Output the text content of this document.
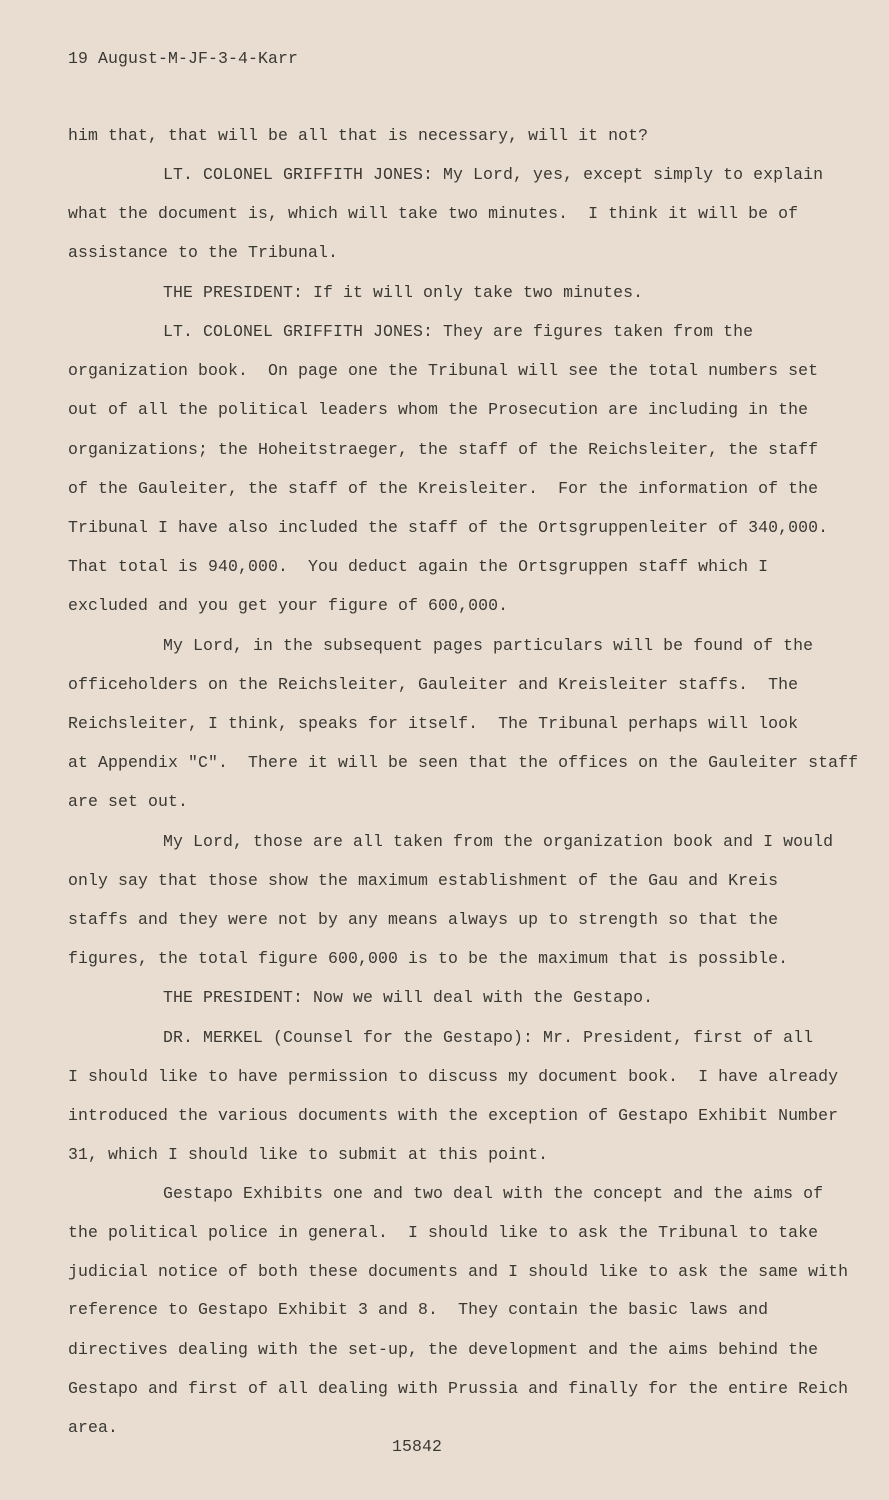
19 August-M-JF-3-4-Karr
him that, that will be all that is necessary, will it not?
LT. COLONEL GRIFFITH JONES: My Lord, yes, except simply to explain
what the document is, which will take two minutes.  I think it will be of
assistance to the Tribunal.
THE PRESIDENT: If it will only take two minutes.
LT. COLONEL GRIFFITH JONES: They are figures taken from the
organization book.  On page one the Tribunal will see the total numbers set
out of all the political leaders whom the Prosecution are including in the
organizations; the Hoheitstraeger, the staff of the Reichsleiter, the staff
of the Gauleiter, the staff of the Kreisleiter.  For the information of the
Tribunal I have also included the staff of the Ortsgruppenleiter of 340,000.
That total is 940,000.  You deduct again the Ortsgruppen staff which I
excluded and you get your figure of 600,000.
My Lord, in the subsequent pages particulars will be found of the
officeholders on the Reichsleiter, Gauleiter and Kreisleiter staffs.  The
Reichsleiter, I think, speaks for itself.  The Tribunal perhaps will look
at Appendix "C".  There it will be seen that the offices on the Gauleiter staff
are set out.
My Lord, those are all taken from the organization book and I would
only say that those show the maximum establishment of the Gau and Kreis
staffs and they were not by any means always up to strength so that the
figures, the total figure 600,000 is to be the maximum that is possible.
THE PRESIDENT: Now we will deal with the Gestapo.
DR. MERKEL (Counsel for the Gestapo): Mr. President, first of all
I should like to have permission to discuss my document book.  I have already
introduced the various documents with the exception of Gestapo Exhibit Number
31, which I should like to submit at this point.
Gestapo Exhibits one and two deal with the concept and the aims of
the political police in general.  I should like to ask the Tribunal to take
judicial notice of both these documents and I should like to ask the same with
reference to Gestapo Exhibit 3 and 8.  They contain the basic laws and
directives dealing with the set-up, the development and the aims behind the
Gestapo and first of all dealing with Prussia and finally for the entire Reich
area.
15842
